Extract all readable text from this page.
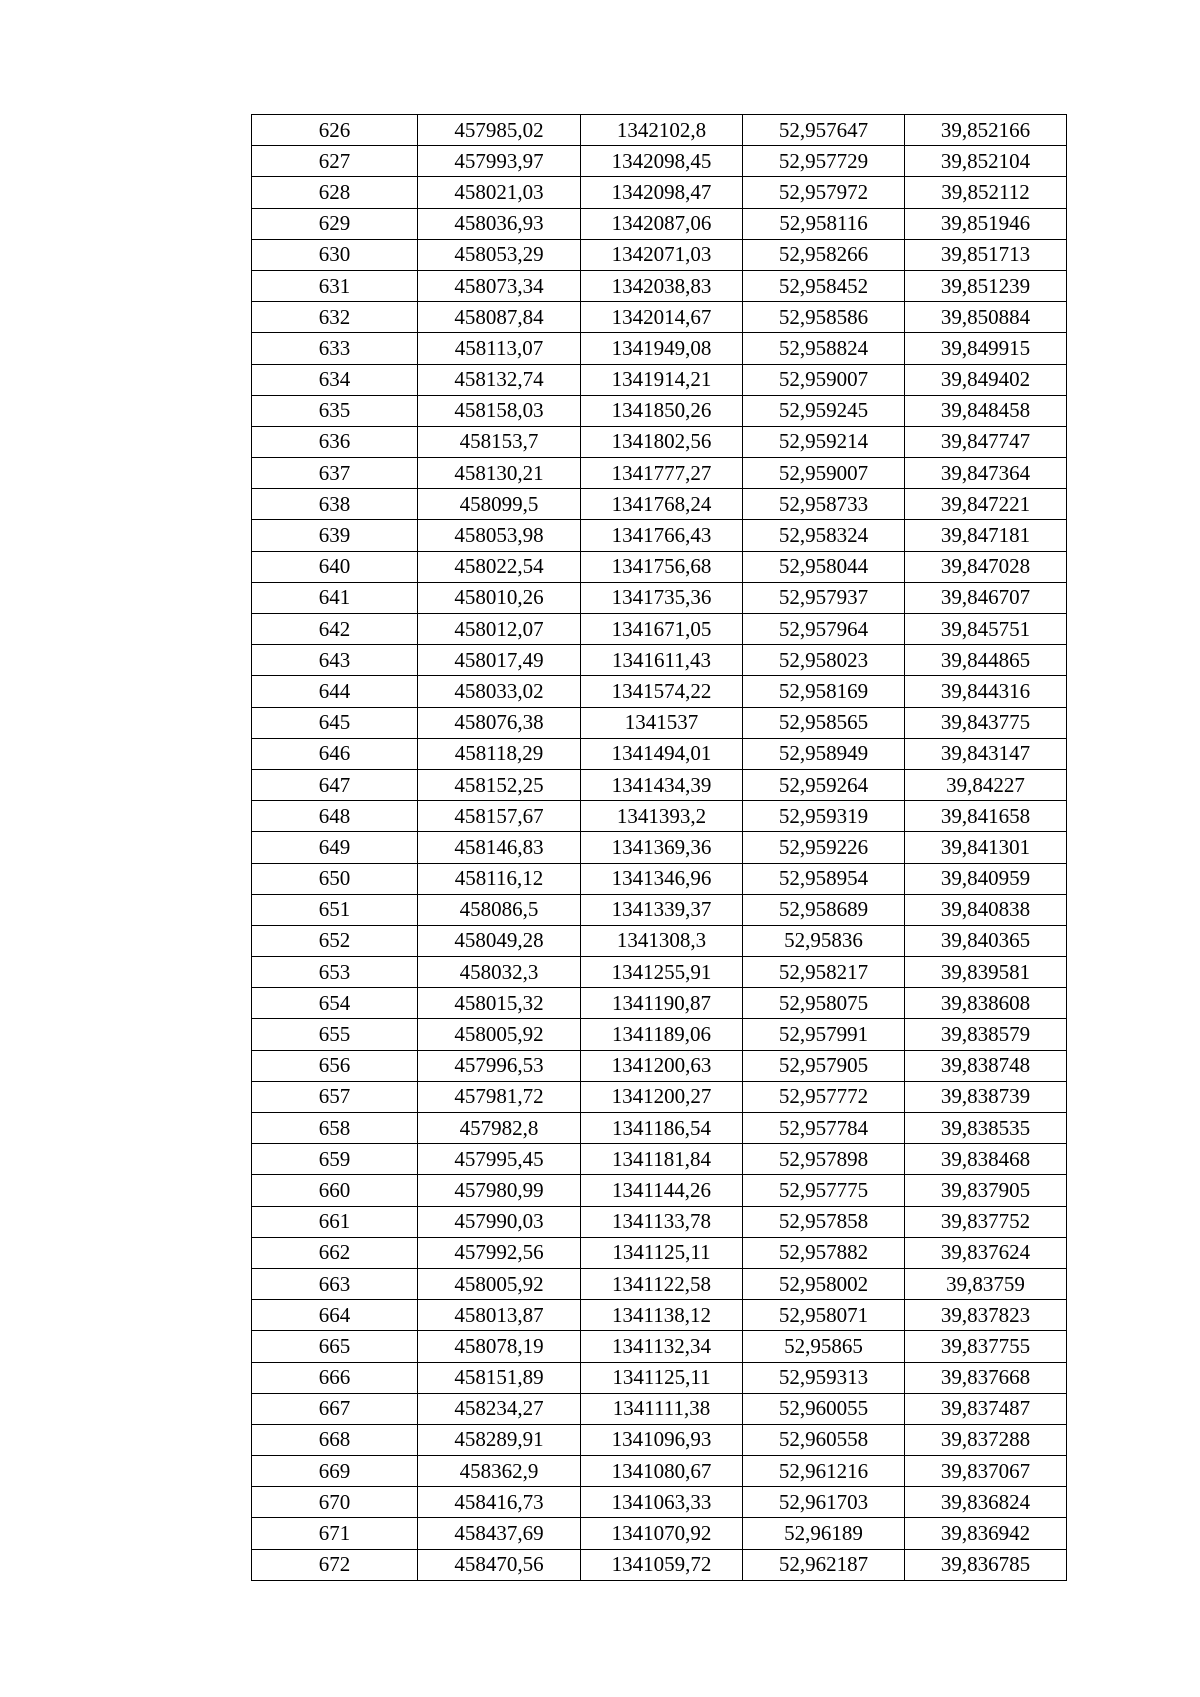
626	457985,02	1342102,8	52,957647	39,852166
627	457993,97	1342098,45	52,957729	39,852104
628	458021,03	1342098,47	52,957972	39,852112
629	458036,93	1342087,06	52,958116	39,851946
630	458053,29	1342071,03	52,958266	39,851713
631	458073,34	1342038,83	52,958452	39,851239
632	458087,84	1342014,67	52,958586	39,850884
633	458113,07	1341949,08	52,958824	39,849915
634	458132,74	1341914,21	52,959007	39,849402
635	458158,03	1341850,26	52,959245	39,848458
636	458153,7	1341802,56	52,959214	39,847747
637	458130,21	1341777,27	52,959007	39,847364
638	458099,5	1341768,24	52,958733	39,847221
639	458053,98	1341766,43	52,958324	39,847181
640	458022,54	1341756,68	52,958044	39,847028
641	458010,26	1341735,36	52,957937	39,846707
642	458012,07	1341671,05	52,957964	39,845751
643	458017,49	1341611,43	52,958023	39,844865
644	458033,02	1341574,22	52,958169	39,844316
645	458076,38	1341537	52,958565	39,843775
646	458118,29	1341494,01	52,958949	39,843147
647	458152,25	1341434,39	52,959264	39,84227
648	458157,67	1341393,2	52,959319	39,841658
649	458146,83	1341369,36	52,959226	39,841301
650	458116,12	1341346,96	52,958954	39,840959
651	458086,5	1341339,37	52,958689	39,840838
652	458049,28	1341308,3	52,95836	39,840365
653	458032,3	1341255,91	52,958217	39,839581
654	458015,32	1341190,87	52,958075	39,838608
655	458005,92	1341189,06	52,957991	39,838579
656	457996,53	1341200,63	52,957905	39,838748
657	457981,72	1341200,27	52,957772	39,838739
658	457982,8	1341186,54	52,957784	39,838535
659	457995,45	1341181,84	52,957898	39,838468
660	457980,99	1341144,26	52,957775	39,837905
661	457990,03	1341133,78	52,957858	39,837752
662	457992,56	1341125,11	52,957882	39,837624
663	458005,92	1341122,58	52,958002	39,83759
664	458013,87	1341138,12	52,958071	39,837823
665	458078,19	1341132,34	52,95865	39,837755
666	458151,89	1341125,11	52,959313	39,837668
667	458234,27	1341111,38	52,960055	39,837487
668	458289,91	1341096,93	52,960558	39,837288
669	458362,9	1341080,67	52,961216	39,837067
670	458416,73	1341063,33	52,961703	39,836824
671	458437,69	1341070,92	52,96189	39,836942
672	458470,56	1341059,72	52,962187	39,836785
